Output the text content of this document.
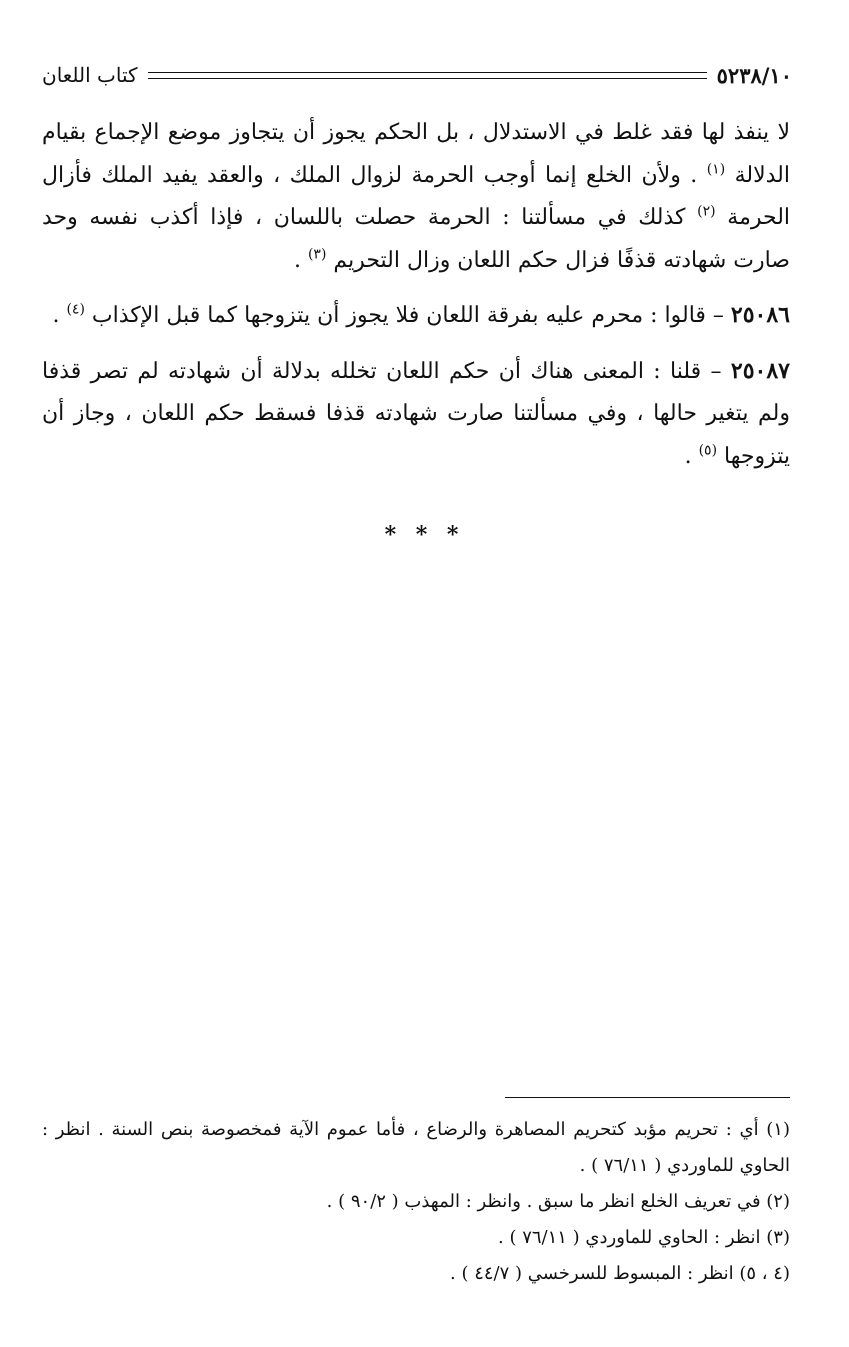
٥٢٣٨/١٠
كتاب اللعان

لا ينفذ لها فقد غلط في الاستدلال ، بل الحكم يجوز أن يتجاوز موضع الإجماع بقيام الدلالة $^{(١)}$ . ولأن الخلع إنما أوجب الحرمة لزوال الملك ، والعقد يفيد الملك فأزال الحرمة $^{(٢)}$ كذلك في مسألتنا : الحرمة حصلت باللسان ، فإذا أكذب نفسه وحد صارت شهادته قذفًا فزال حكم اللعان وزال التحريم $^{(٣)}$ .

٢٥٠٨٦ – قالوا : محرم عليه بفرقة اللعان فلا يجوز أن يتزوجها كما قبل الإكذاب $^{(٤)}$ .

٢٥٠٨٧ – قلنا : المعنى هناك أن حكم اللعان تخلله بدلالة أن شهادته لم تصر قذفا ولم يتغير حالها ، وفي مسألتنا صارت شهادته قذفا فسقط حكم اللعان ، وجاز أن يتزوجها $^{(٥)}$ .

* * *

(١) أي : تحريم مؤبد كتحريم المصاهرة والرضاع ، فأما عموم الآية فمخصوصة بنص السنة . انظر : الحاوي للماوردي ( ٧٦/١١ ) .

(٢) في تعريف الخلع انظر ما سبق . وانظر : المهذب ( ٩٠/٢ ) .

(٣) انظر : الحاوي للماوردي ( ٧٦/١١ ) .

(٤ ، ٥) انظر : المبسوط للسرخسي ( ٤٤/٧ ) .
